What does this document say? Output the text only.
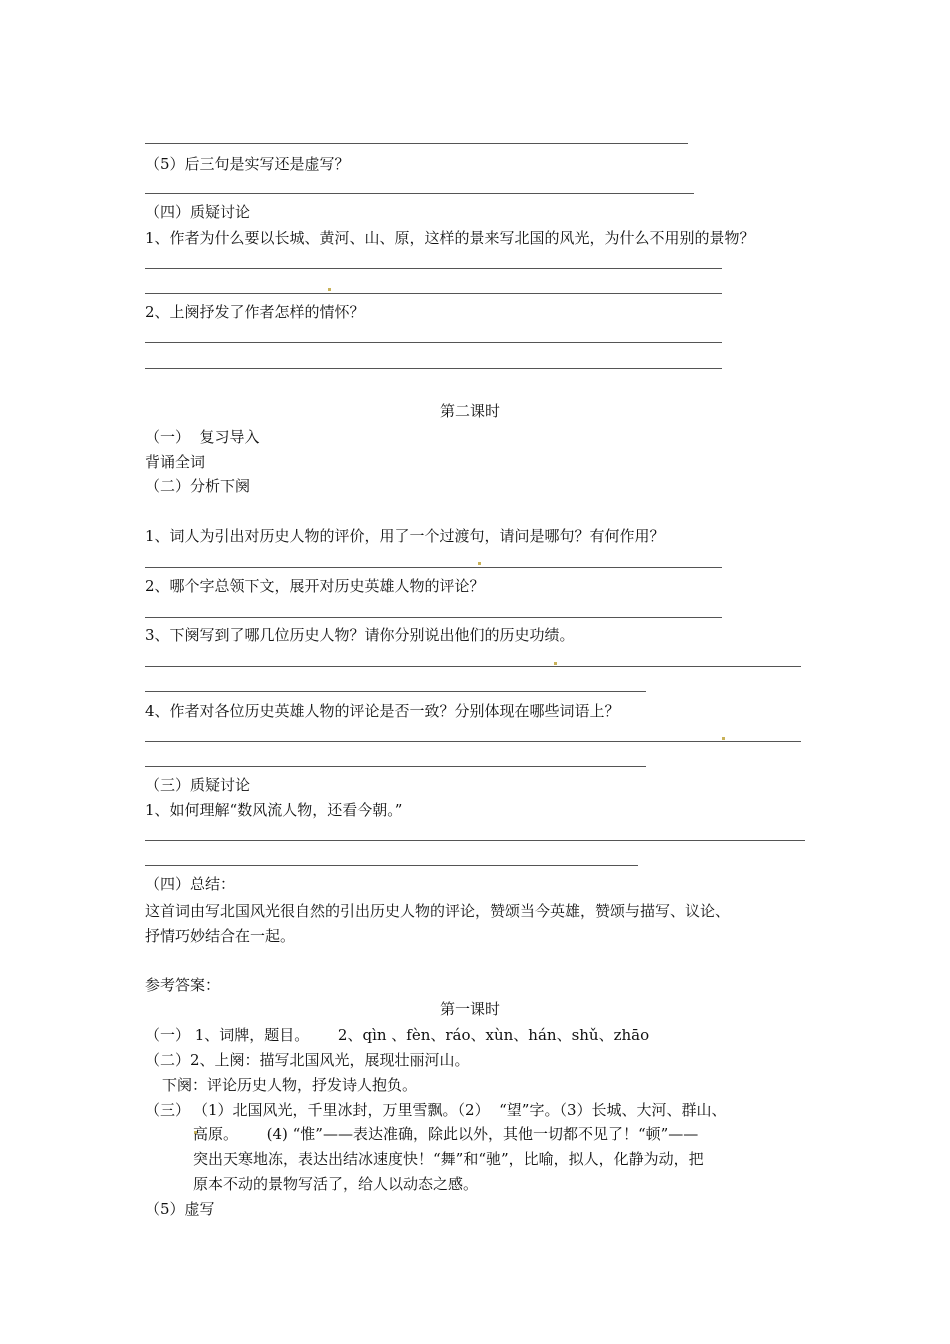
（5）后三句是实写还是虚写？
（四）质疑讨论
1、作者为什么要以长城、黄河、山、原，这样的景来写北国的风光，为什么不用别的景物？
2、上阕抒发了作者怎样的情怀？
第二课时
（一）  复习导入
背诵全词
（二）分析下阕
1、词人为引出对历史人物的评价，用了一个过渡句，请问是哪句？有何作用？
2、哪个字总领下文，展开对历史英雄人物的评论？
3、下阕写到了哪几位历史人物？请你分别说出他们的历史功绩。
4、作者对各位历史英雄人物的评论是否一致？分别体现在哪些词语上？
（三）质疑讨论
1、如何理解“数风流人物，还看今朝。”
（四）总结：
这首词由写北国风光很自然的引出历史人物的评论，赞颂当今英雄，赞颂与描写、议论、
抒情巧妙结合在一起。
参考答案：
第一课时
（一） 1、词牌，题目。      2、qìn 、fèn、ráo、xùn、hán、shǔ、zhāo
（二）2、上阕：描写北国风光，展现壮丽河山。
下阕：评论历史人物，抒发诗人抱负。
（三） （1）北国风光，千里冰封，万里雪飘。（2）  “望”字。（3）长城、大河、群山、
高原。      (4) “惟”——表达准确，除此以外，其他一切都不见了！“顿”——
突出天寒地冻，表达出结冰速度快！“舞”和“驰”，比喻，拟人，化静为动，把
原本不动的景物写活了，给人以动态之感。
（5）虚写
